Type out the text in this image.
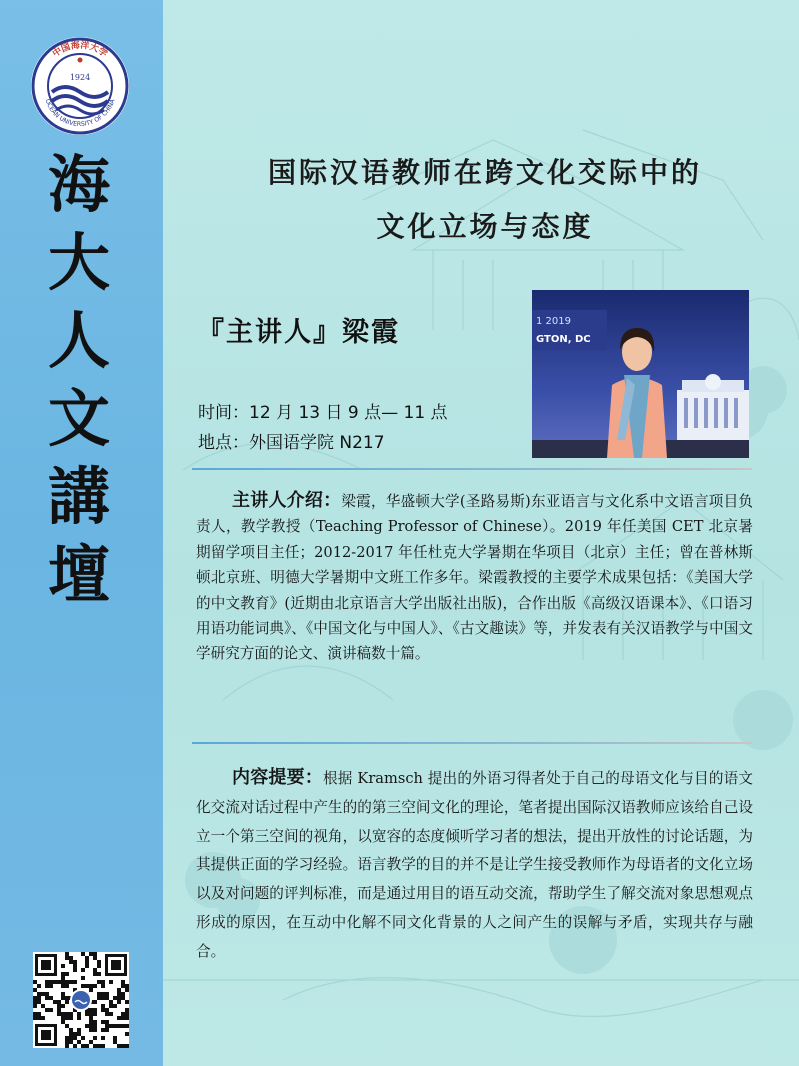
中国海洋大学
OCEAN UNIVERSITY OF CHINA
1924
海
大
人
文
講
壇
国际汉语教师在跨文化交际中的
文化立场与态度
『主讲人』梁霞
时间：12 月 13 日 9 点— 11 点
地点：外国语学院 N217
1 2019
GTON, DC
主讲人介绍：梁霞，华盛顿大学(圣路易斯)东亚语言与文化系中文语言项目负责人，教学教授（Teaching Professor of Chinese）。2019 年任美国 CET 北京暑期留学项目主任；2012-2017 年任杜克大学暑期在华项目（北京）主任；曾在普林斯顿北京班、明德大学暑期中文班工作多年。梁霞教授的主要学术成果包括：《美国大学的中文教育》(近期由北京语言大学出版社出版)，合作出版《高级汉语课本》、《口语习用语功能词典》、《中国文化与中国人》、《古文趣读》等，并发表有关汉语教学与中国文学研究方面的论文、演讲稿数十篇。
内容提要：根据 Kramsch 提出的外语习得者处于自己的母语文化与目的语文化交流对话过程中产生的的第三空间文化的理论，笔者提出国际汉语教师应该给自己设立一个第三空间的视角，以宽容的态度倾听学习者的想法，提出开放性的讨论话题，为其提供正面的学习经验。语言教学的目的并不是让学生接受教师作为母语者的文化立场以及对问题的评判标准，而是通过用目的语互动交流，帮助学生了解交流对象思想观点形成的原因，在互动中化解不同文化背景的人之间产生的误解与矛盾，实现共存与融合。
